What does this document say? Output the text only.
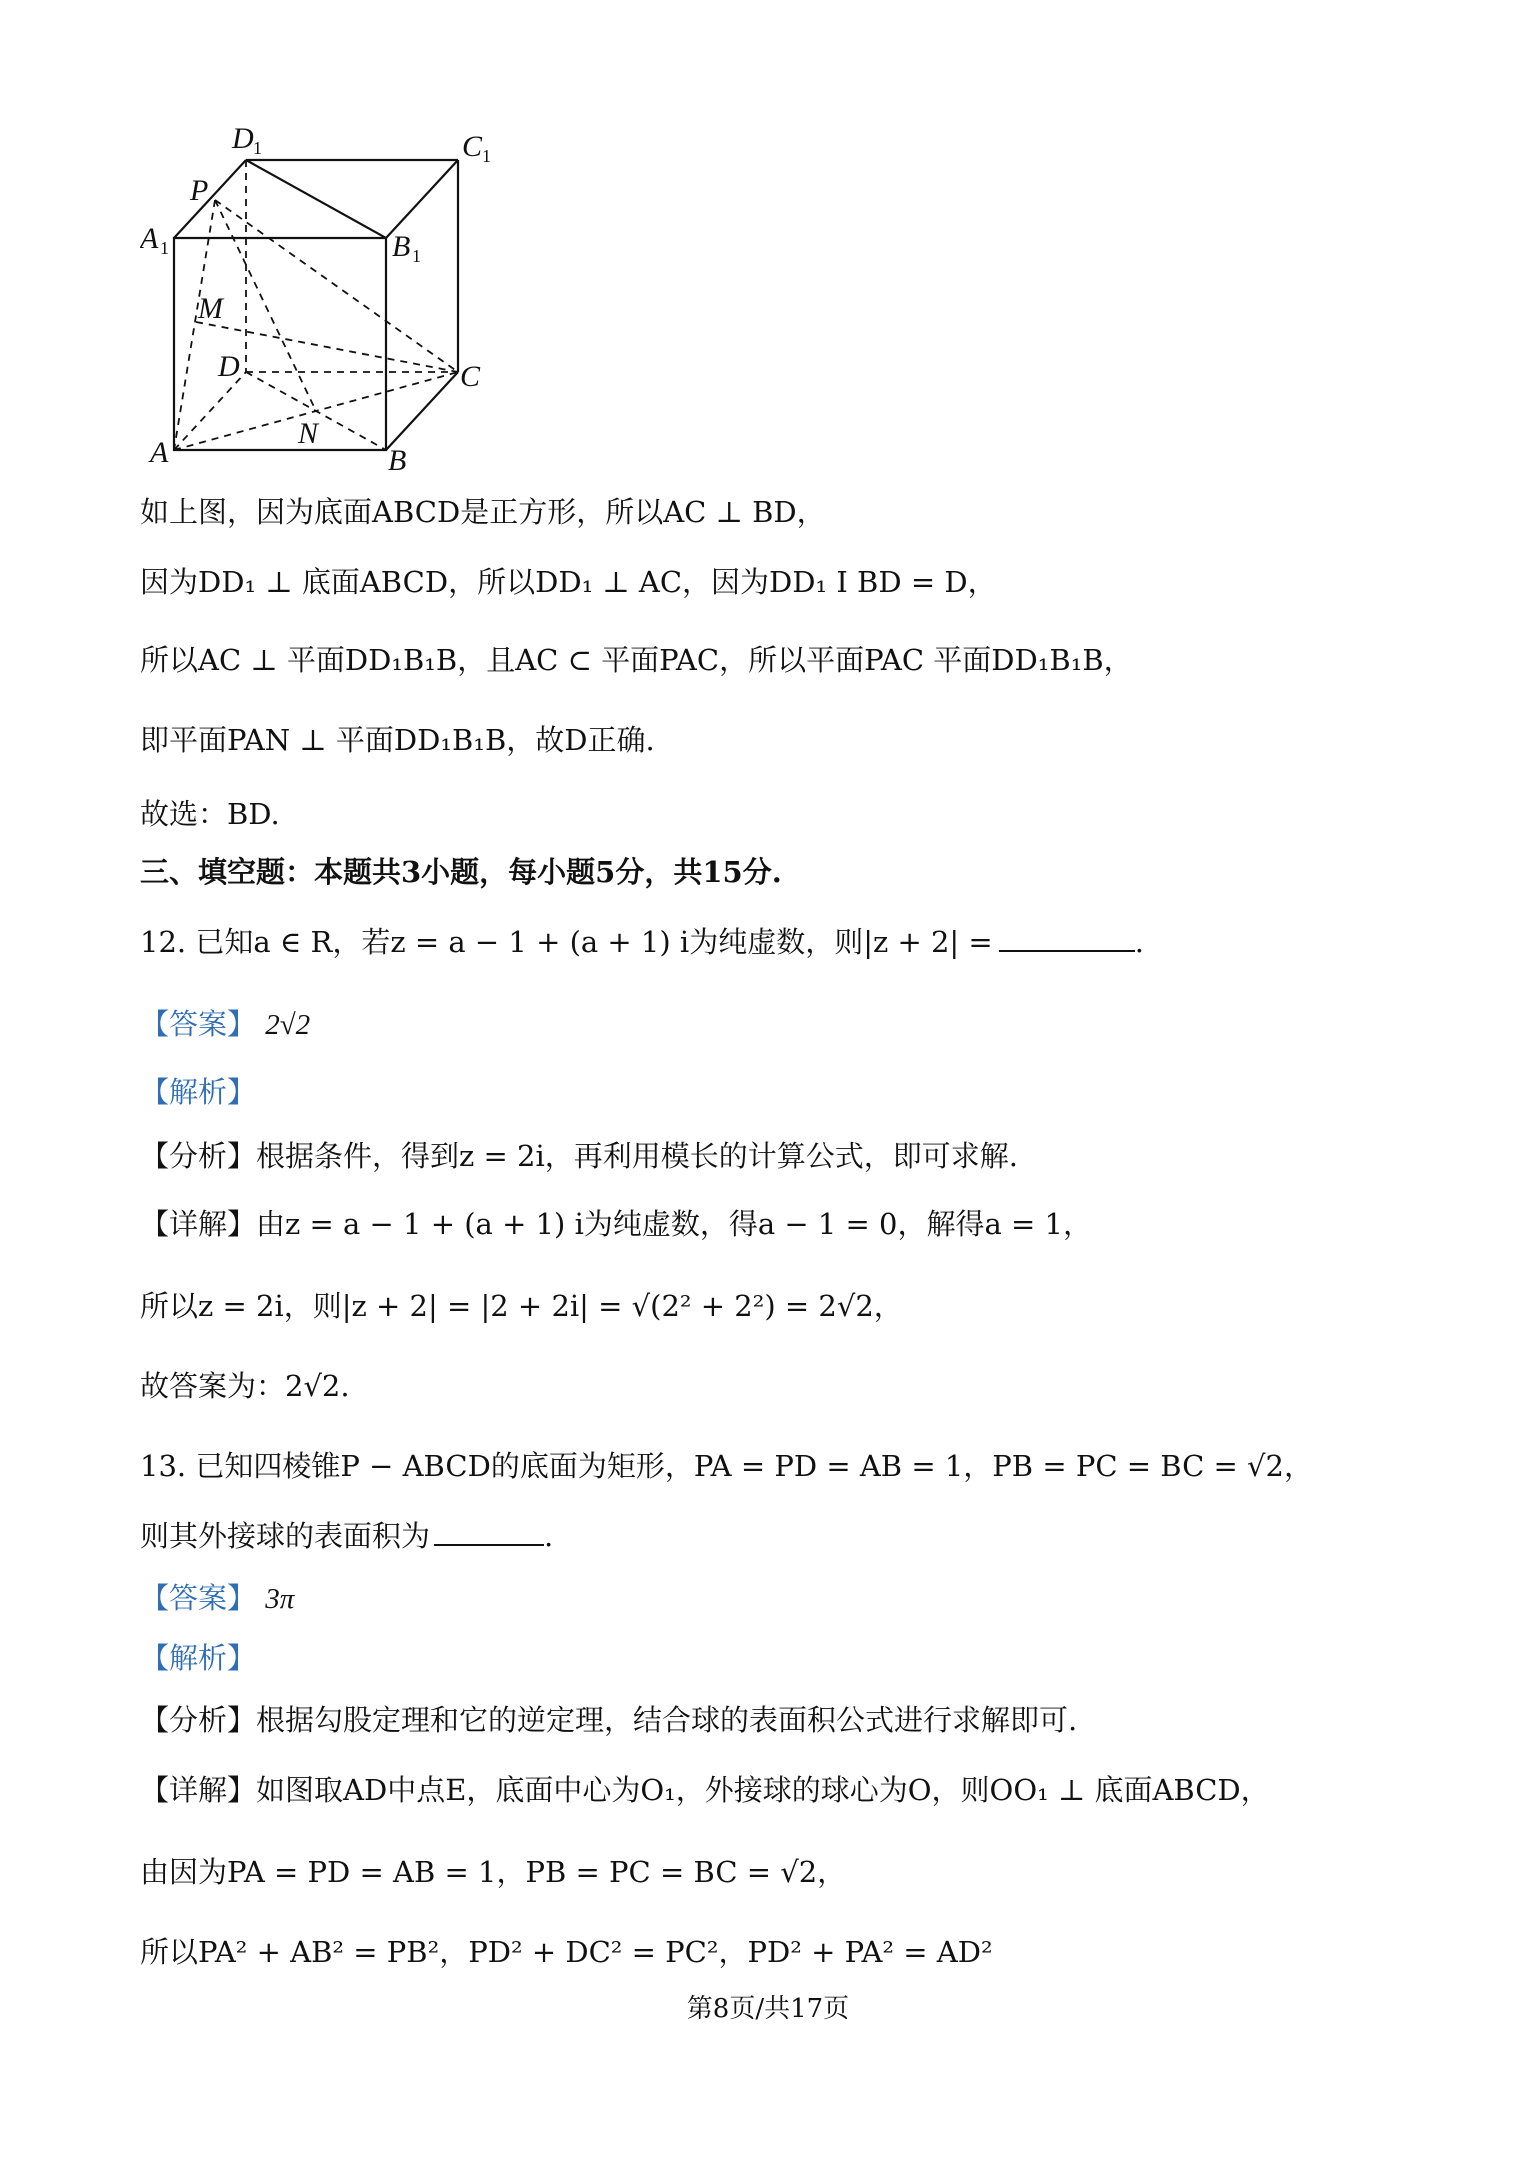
D 1	C 1
A 1	B 1
P
M
D	C
A
N
B
如上图，因为底面ABCD是正方形，所以AC ⊥ BD，
因为DD₁ ⊥ 底面ABCD，所以DD₁ ⊥ AC，因为DD₁ I BD = D，
所以AC ⊥ 平面DD₁B₁B，且AC ⊂ 平面PAC，所以平面PAC 平面DD₁B₁B，
即平面PAN ⊥ 平面DD₁B₁B，故D正确.
故选：BD.
三、填空题：本题共3小题，每小题5分，共15分.
12. 已知a ∈ R，若z = a − 1 + (a + 1) i为纯虚数，则|z + 2| =	.
【答案】 2√2
【解析】
【分析】根据条件，得到z = 2i，再利用模长的计算公式，即可求解.
【详解】由z = a − 1 + (a + 1) i为纯虚数，得a − 1 = 0，解得a = 1，
所以z = 2i，则|z + 2| = |2 + 2i| = √(2² + 2²) = 2√2，
故答案为：2√2.
13. 已知四棱锥P − ABCD的底面为矩形，PA = PD = AB = 1，PB = PC = BC = √2，
则其外接球的表面积为	.
【答案】 3π
【解析】
【分析】根据勾股定理和它的逆定理，结合球的表面积公式进行求解即可.
【详解】如图取AD中点E，底面中心为O₁，外接球的球心为O，则OO₁ ⊥ 底面ABCD，
由因为PA = PD = AB = 1，PB = PC = BC = √2，
所以PA² + AB² = PB²，PD² + DC² = PC²，PD² + PA² = AD²
第8页/共17页
